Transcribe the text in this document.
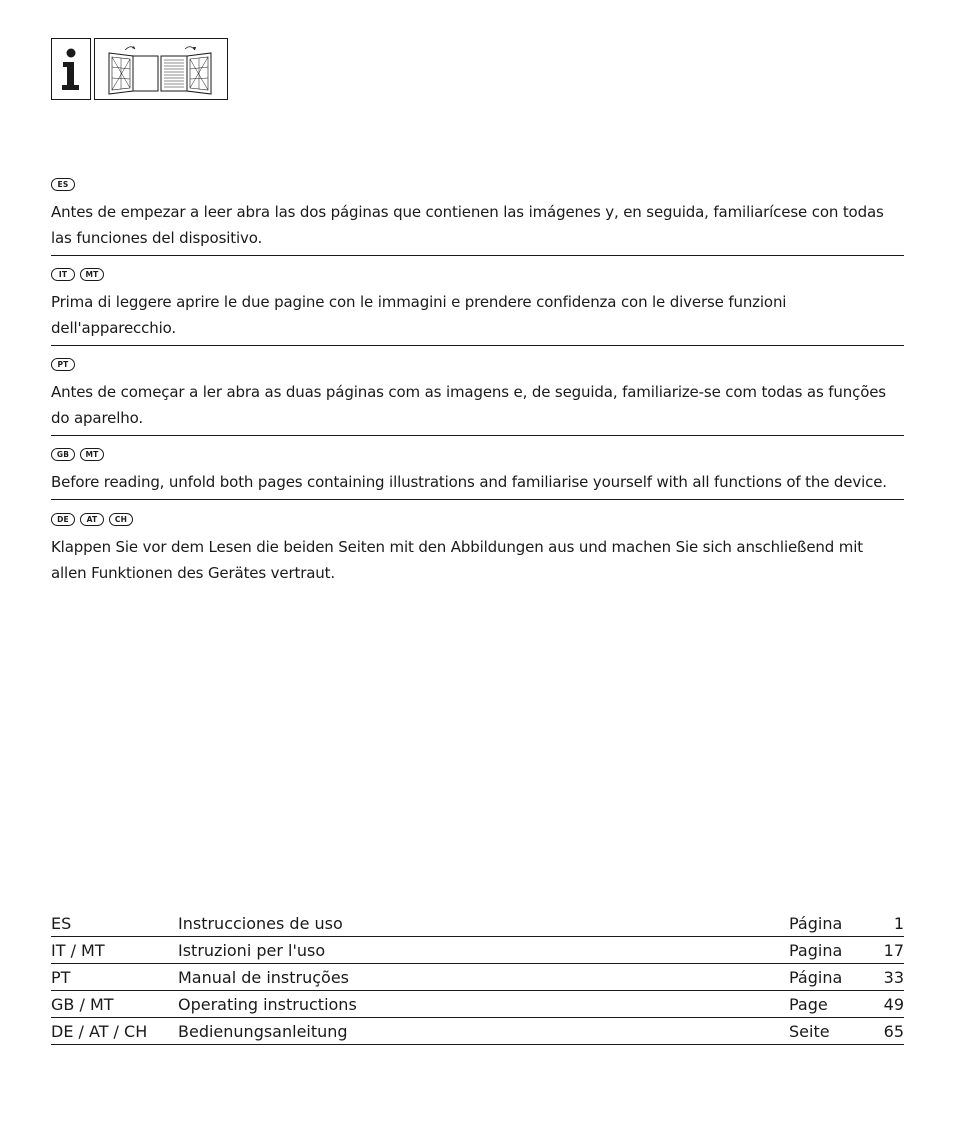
ES
Antes de empezar a leer abra las dos páginas que contienen las imágenes y, en seguida, familiarícese con todas las funciones del dispositivo.
IT	MT
Prima di leggere aprire le due pagine con le immagini e prendere confidenza con le diverse funzioni dell'apparecchio.
PT
Antes de começar a ler abra as duas páginas com as imagens e, de seguida, familiarize-se com todas as funções do aparelho.
GB	MT
Before reading, unfold both pages containing illustrations and familiarise yourself with all functions of the device.
DE	AT	CH
Klappen Sie vor dem Lesen die beiden Seiten mit den Abbildungen aus und machen Sie sich anschließend mit allen Funktionen des Gerätes vertraut.
ES	Instrucciones de uso	Página	1
IT / MT	Istruzioni per l'uso	Pagina	17
PT	Manual de instruções	Página	33
GB / MT	Operating instructions	Page	49
DE / AT / CH Bedienungsanleitung	Seite	65
